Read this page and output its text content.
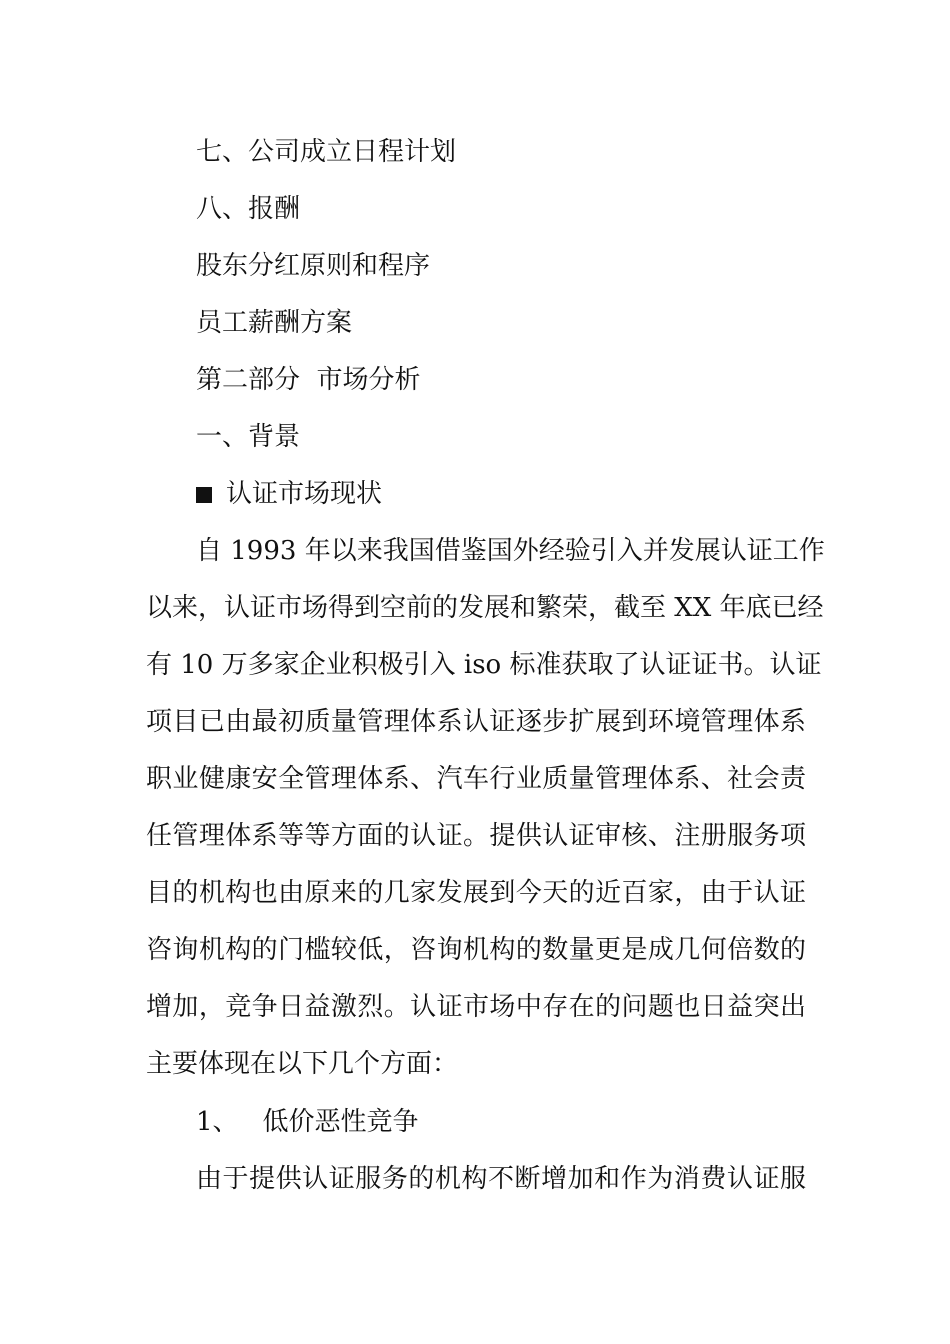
七、公司成立日程计划
八、报酬
股东分红原则和程序
员工薪酬方案
第二部分  市场分析
一、背景
认证市场现状
自 1993 年以来我国借鉴国外经验引入并发展认证工作
以来，认证市场得到空前的发展和繁荣，截至 XX 年底已经
有 10 万多家企业积极引入 iso 标准获取了认证证书。认证
项目已由最初质量管理体系认证逐步扩展到环境管理体系
职业健康安全管理体系、汽车行业质量管理体系、社会责
任管理体系等等方面的认证。提供认证审核、注册服务项
目的机构也由原来的几家发展到今天的近百家，由于认证
咨询机构的门槛较低，咨询机构的数量更是成几何倍数的
增加，竞争日益激烈。认证市场中存在的问题也日益突出
主要体现在以下几个方面：
1、 低价恶性竞争
由于提供认证服务的机构不断增加和作为消费认证服
